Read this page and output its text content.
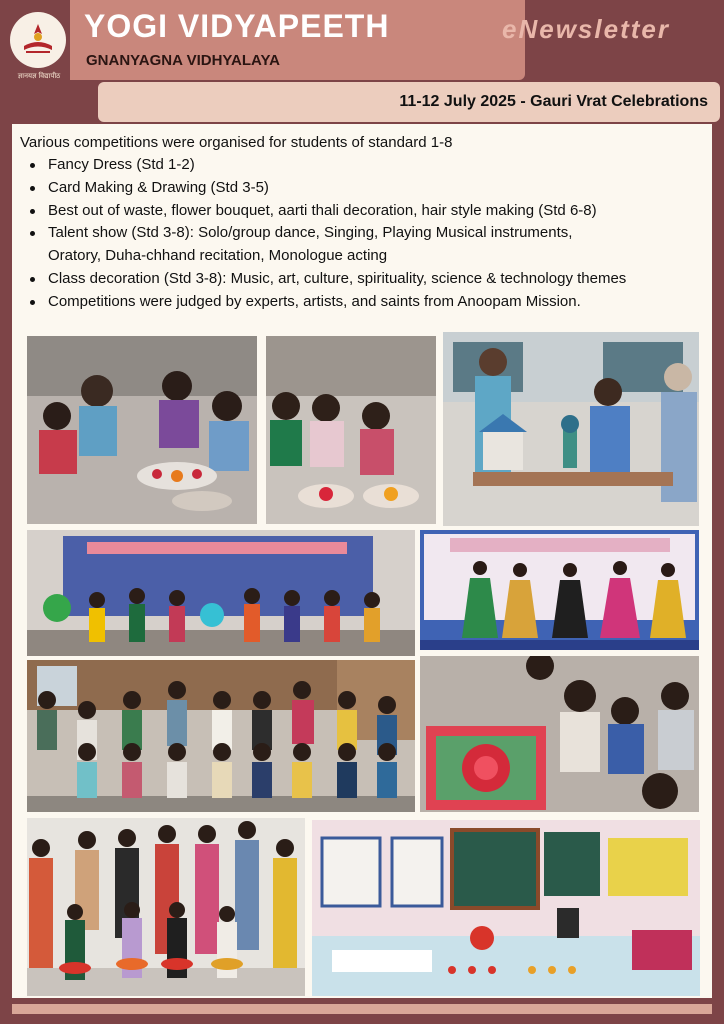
ज्ञानयज्ञ विद्यापीठ
YOGI VIDYAPEETH
GNANYAGNA VIDHYALAYA
eNewsletter
11-12 July 2025 - Gauri Vrat Celebrations
Various competitions were organised for students of standard 1-8
Fancy Dress (Std 1-2)
Card Making & Drawing (Std 3-5)
Best out of waste, flower bouquet, aarti thali decoration, hair style making (Std 6-8)
Talent show (Std 3-8): Solo/group dance, Singing, Playing Musical instruments,
Oratory, Duha-chhand recitation, Monologue acting
Class decoration (Std 3-8): Music, art, culture, spirituality, science & technology themes
Competitions were judged by experts, artists, and saints from Anoopam Mission.
